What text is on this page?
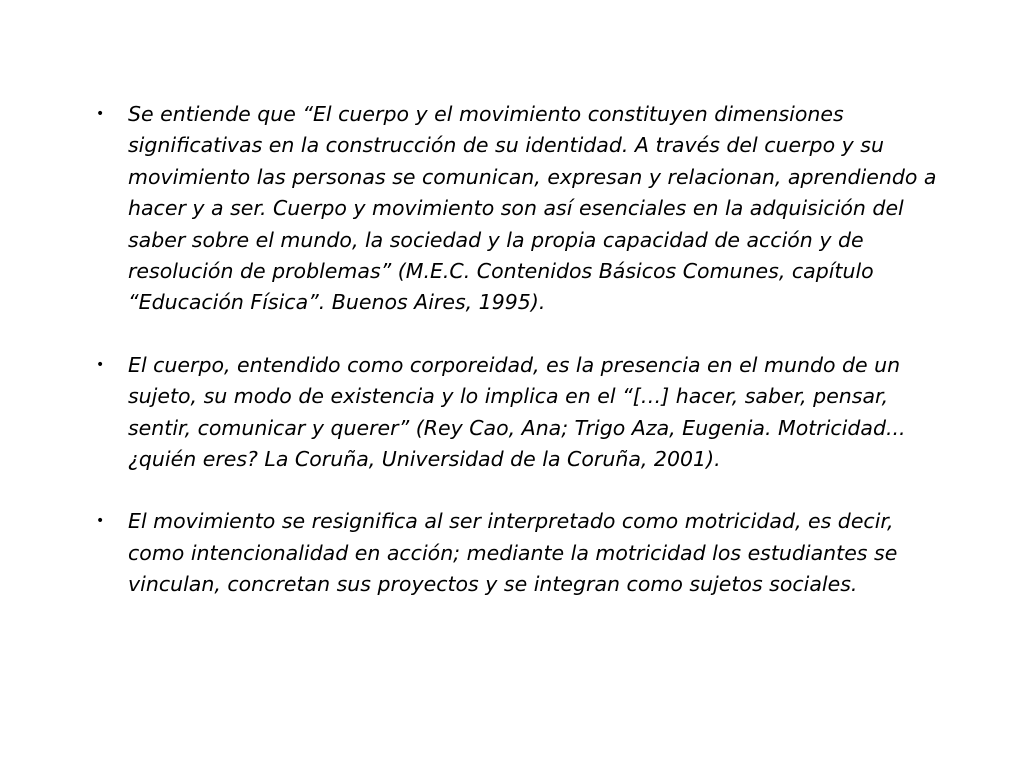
• Se entiende que “El cuerpo y el movimiento constituyen dimensiones significativas en la construcción de su identidad. A través del cuerpo y su movimiento las personas se comunican, expresan y relacionan, aprendiendo a hacer y a ser. Cuerpo y movimiento son así esenciales en la adquisición del saber sobre el mundo, la sociedad y la propia capacidad de acción y de resolución de problemas” (M.E.C. Contenidos Básicos Comunes, capítulo “Educación Física”. Buenos Aires, 1995).

• El cuerpo, entendido como corporeidad, es la presencia en el mundo de un sujeto, su modo de existencia y lo implica en el “[…] hacer, saber, pensar, sentir, comunicar y querer” (Rey Cao, Ana; Trigo Aza, Eugenia. Motricidad... ¿quién eres? La Coruña, Universidad de la Coruña, 2001).

• El movimiento se resignifica al ser interpretado como motricidad, es decir, como intencionalidad en acción; mediante la motricidad los estudiantes se vinculan, concretan sus proyectos y se integran como sujetos sociales.
